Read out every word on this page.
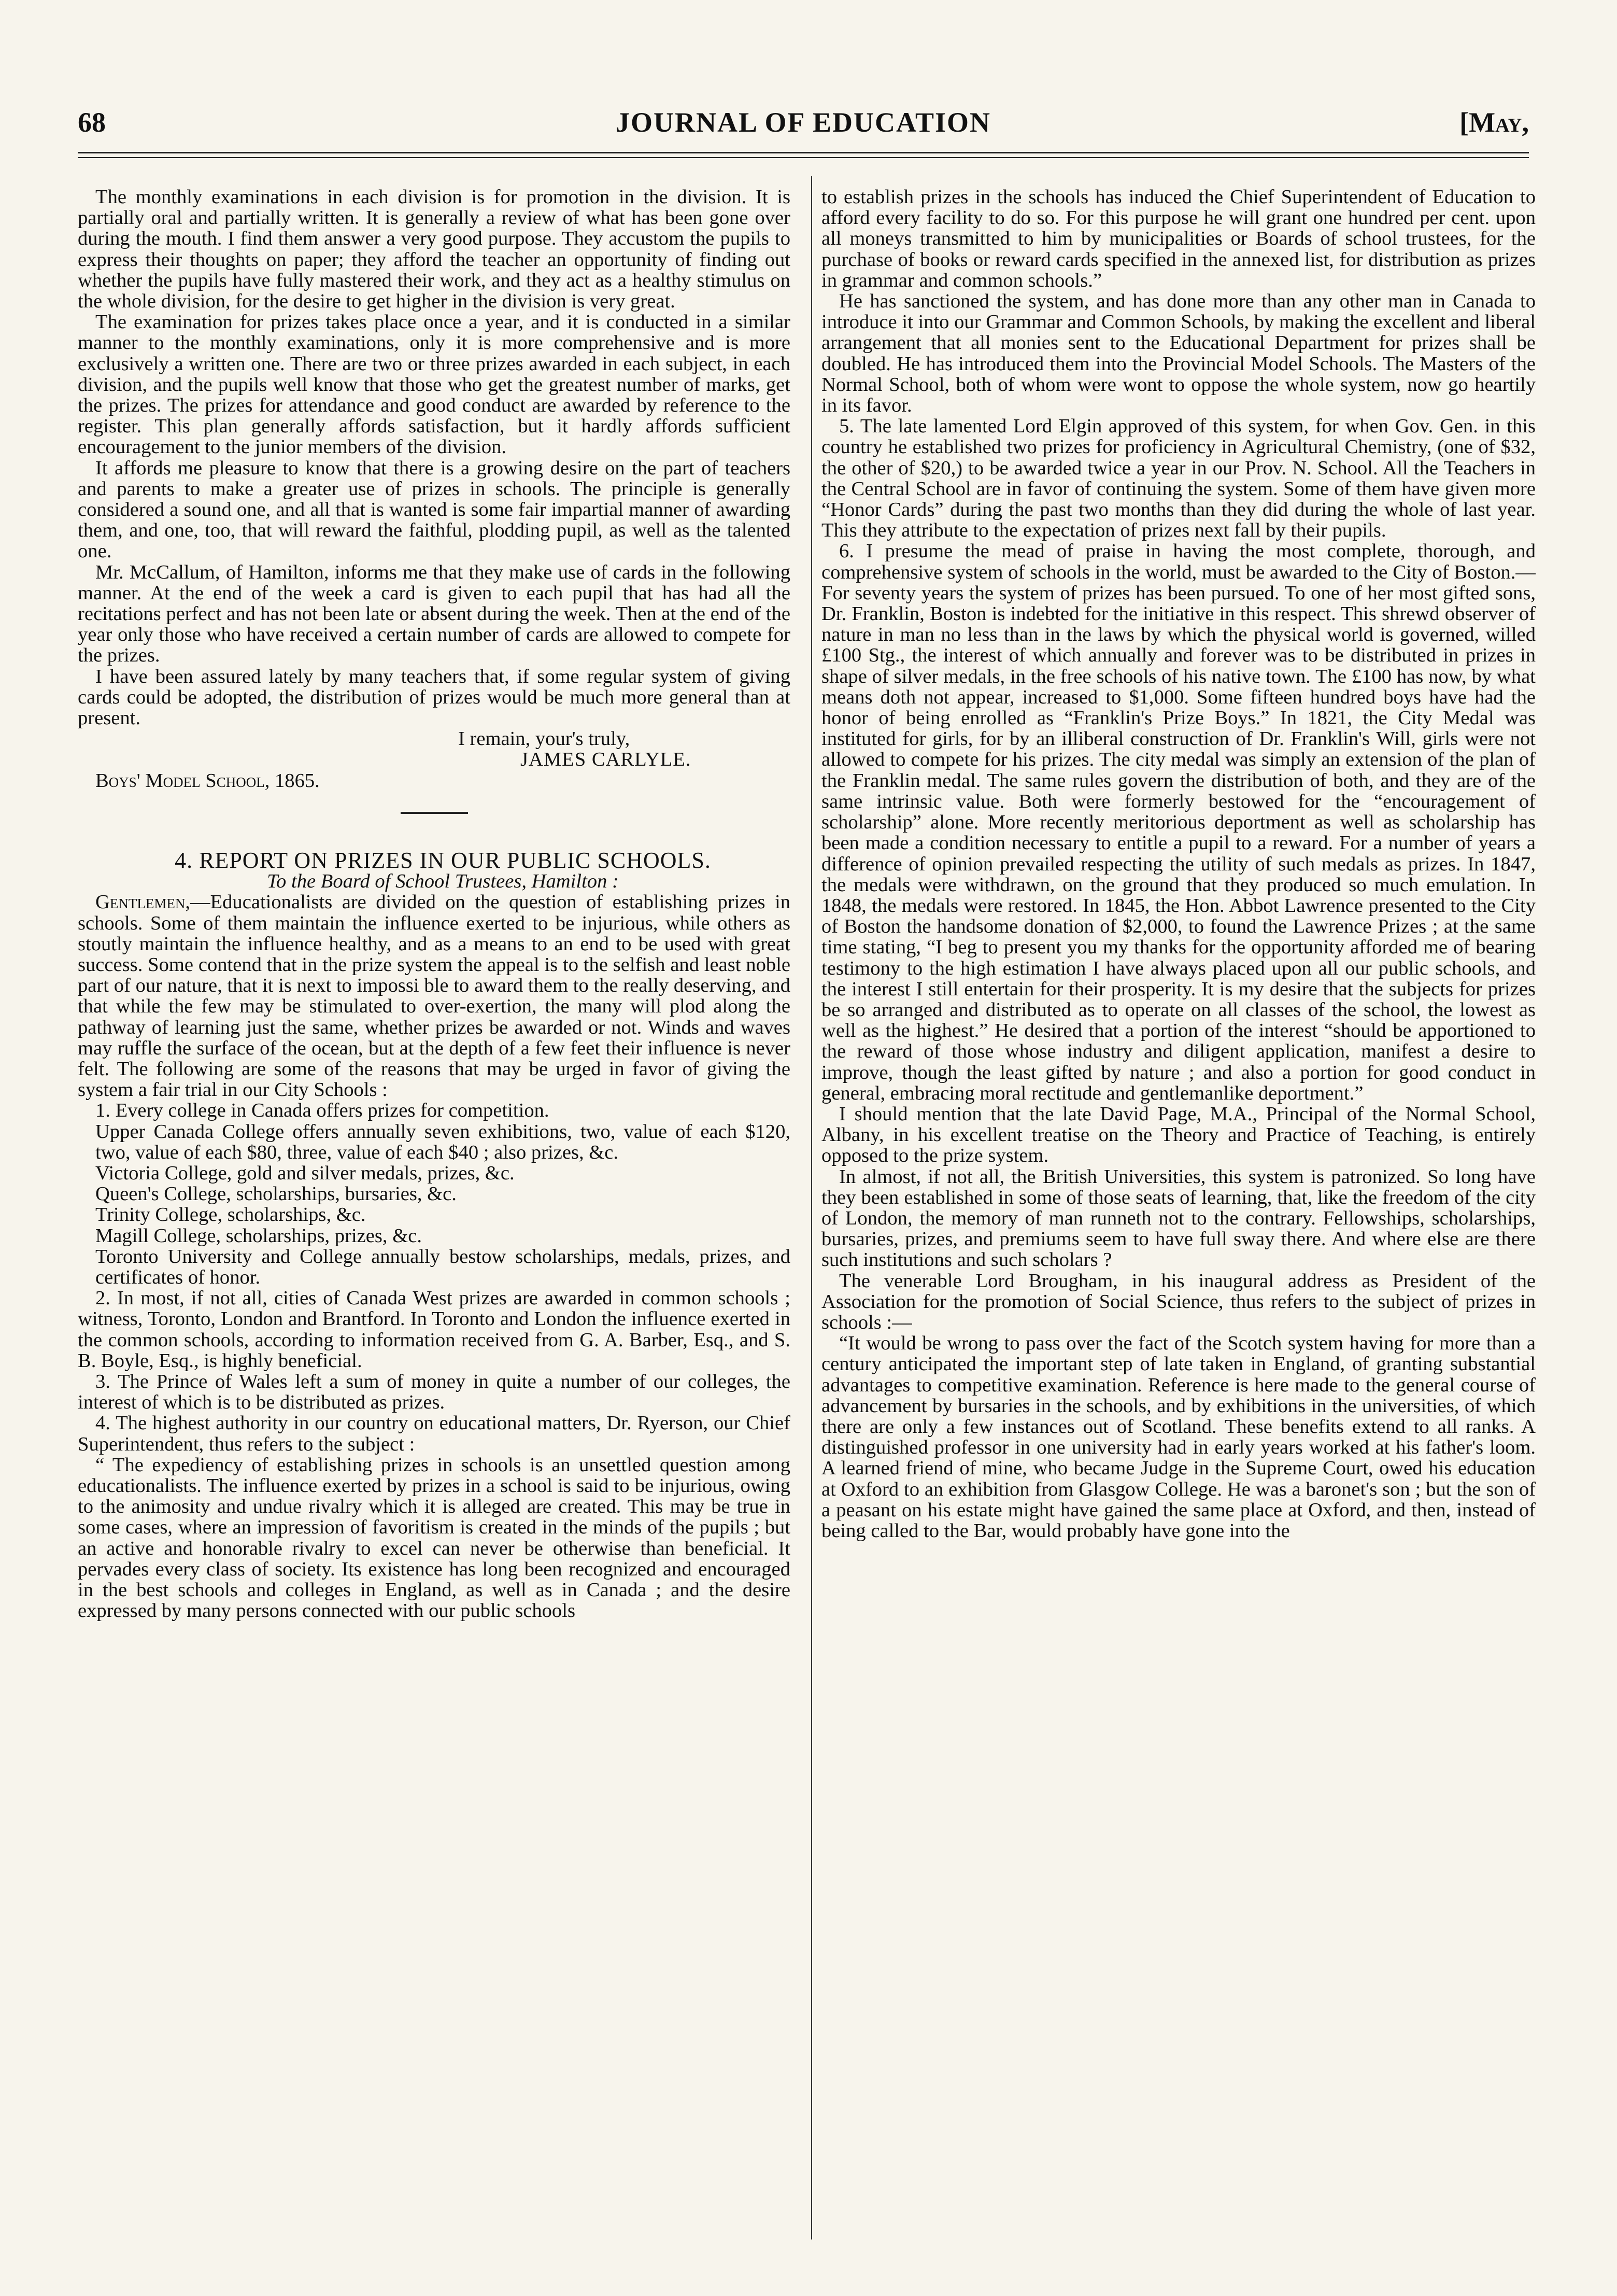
68	JOURNAL OF EDUCATION	[May,

The monthly examinations in each division is for promotion in the division. It is partially oral and partially written. It is generally a review of what has been gone over during the mouth. I find them answer a very good purpose. They accustom the pupils to express their thoughts on paper; they afford the teacher an opportunity of finding out whether the pupils have fully mastered their work, and they act as a healthy stimulus on the whole division, for the desire to get higher in the division is very great.

The examination for prizes takes place once a year, and it is conducted in a similar manner to the monthly examinations, only it is more comprehensive and is more exclusively a written one. There are two or three prizes awarded in each subject, in each division, and the pupils well know that those who get the greatest number of marks, get the prizes. The prizes for attendance and good conduct are awarded by reference to the register. This plan generally affords satisfaction, but it hardly affords sufficient encouragement to the junior members of the division.

It affords me pleasure to know that there is a growing desire on the part of teachers and parents to make a greater use of prizes in schools. The principle is generally considered a sound one, and all that is wanted is some fair impartial manner of awarding them, and one, too, that will reward the faithful, plodding pupil, as well as the talented one.

Mr. McCallum, of Hamilton, informs me that they make use of cards in the following manner. At the end of the week a card is given to each pupil that has had all the recitations perfect and has not been late or absent during the week. Then at the end of the year only those who have received a certain number of cards are allowed to compete for the prizes.

I have been assured lately by many teachers that, if some regular system of giving cards could be adopted, the distribution of prizes would be much more general than at present.

I remain, your's truly,

JAMES CARLYLE.

Boys' Model School, 1865.

4. REPORT ON PRIZES IN OUR PUBLIC SCHOOLS.

To the Board of School Trustees, Hamilton :

Gentlemen,—Educationalists are divided on the question of establishing prizes in schools. Some of them maintain the influence exerted to be injurious, while others as stoutly maintain the influence healthy, and as a means to an end to be used with great success. Some contend that in the prize system the appeal is to the selfish and least noble part of our nature, that it is next to impossi ble to award them to the really deserving, and that while the few may be stimulated to over-exertion, the many will plod along the pathway of learning just the same, whether prizes be awarded or not. Winds and waves may ruffle the surface of the ocean, but at the depth of a few feet their influence is never felt. The following are some of the reasons that may be urged in favor of giving the system a fair trial in our City Schools :

1. Every college in Canada offers prizes for competition.

Upper Canada College offers annually seven exhibitions, two, value of each $120, two, value of each $80, three, value of each $40 ; also prizes, &c.

Victoria College, gold and silver medals, prizes, &c.

Queen's College, scholarships, bursaries, &c.

Trinity College, scholarships, &c.

Magill College, scholarships, prizes, &c.

Toronto University and College annually bestow scholarships, medals, prizes, and certificates of honor.

2. In most, if not all, cities of Canada West prizes are awarded in common schools ; witness, Toronto, London and Brantford. In Toronto and London the influence exerted in the common schools, according to information received from G. A. Barber, Esq., and S. B. Boyle, Esq., is highly beneficial.

3. The Prince of Wales left a sum of money in quite a number of our colleges, the interest of which is to be distributed as prizes.

4. The highest authority in our country on educational matters, Dr. Ryerson, our Chief Superintendent, thus refers to the subject :

“ The expediency of establishing prizes in schools is an unsettled question among educationalists. The influence exerted by prizes in a school is said to be injurious, owing to the animosity and undue rivalry which it is alleged are created. This may be true in some cases, where an impression of favoritism is created in the minds of the pupils ; but an active and honorable rivalry to excel can never be otherwise than beneficial. It pervades every class of society. Its existence has long been recognized and encouraged in the best schools and colleges in England, as well as in Canada ; and the desire expressed by many persons connected with our public schools

to establish prizes in the schools has induced the Chief Superintendent of Education to afford every facility to do so. For this purpose he will grant one hundred per cent. upon all moneys transmitted to him by municipalities or Boards of school trustees, for the purchase of books or reward cards specified in the annexed list, for distribution as prizes in grammar and common schools.”

He has sanctioned the system, and has done more than any other man in Canada to introduce it into our Grammar and Common Schools, by making the excellent and liberal arrangement that all monies sent to the Educational Department for prizes shall be doubled. He has introduced them into the Provincial Model Schools. The Masters of the Normal School, both of whom were wont to oppose the whole system, now go heartily in its favor.

5. The late lamented Lord Elgin approved of this system, for when Gov. Gen. in this country he established two prizes for proficiency in Agricultural Chemistry, (one of $32, the other of $20,) to be awarded twice a year in our Prov. N. School. All the Teachers in the Central School are in favor of continuing the system. Some of them have given more “Honor Cards” during the past two months than they did during the whole of last year. This they attribute to the expectation of prizes next fall by their pupils.

6. I presume the mead of praise in having the most complete, thorough, and comprehensive system of schools in the world, must be awarded to the City of Boston.—For seventy years the system of prizes has been pursued. To one of her most gifted sons, Dr. Franklin, Boston is indebted for the initiative in this respect. This shrewd observer of nature in man no less than in the laws by which the physical world is governed, willed £100 Stg., the interest of which annually and forever was to be distributed in prizes in shape of silver medals, in the free schools of his native town. The £100 has now, by what means doth not appear, increased to $1,000. Some fifteen hundred boys have had the honor of being enrolled as “Franklin's Prize Boys.” In 1821, the City Medal was instituted for girls, for by an illiberal construction of Dr. Franklin's Will, girls were not allowed to compete for his prizes. The city medal was simply an extension of the plan of the Franklin medal. The same rules govern the distribution of both, and they are of the same intrinsic value. Both were formerly bestowed for the “encouragement of scholarship” alone. More recently meritorious deportment as well as scholarship has been made a condition necessary to entitle a pupil to a reward. For a number of years a difference of opinion prevailed respecting the utility of such medals as prizes. In 1847, the medals were withdrawn, on the ground that they produced so much emulation. In 1848, the medals were restored. In 1845, the Hon. Abbot Lawrence presented to the City of Boston the handsome donation of $2,000, to found the Lawrence Prizes ; at the same time stating, “I beg to present you my thanks for the opportunity afforded me of bearing testimony to the high estimation I have always placed upon all our public schools, and the interest I still entertain for their prosperity. It is my desire that the subjects for prizes be so arranged and distributed as to operate on all classes of the school, the lowest as well as the highest.” He desired that a portion of the interest “should be apportioned to the reward of those whose industry and diligent application, manifest a desire to improve, though the least gifted by nature ; and also a portion for good conduct in general, embracing moral rectitude and gentlemanlike deportment.”

I should mention that the late David Page, M.A., Principal of the Normal School, Albany, in his excellent treatise on the Theory and Practice of Teaching, is entirely opposed to the prize system.

In almost, if not all, the British Universities, this system is patronized. So long have they been established in some of those seats of learning, that, like the freedom of the city of London, the memory of man runneth not to the contrary. Fellowships, scholarships, bursaries, prizes, and premiums seem to have full sway there. And where else are there such institutions and such scholars ?

The venerable Lord Brougham, in his inaugural address as President of the Association for the promotion of Social Science, thus refers to the subject of prizes in schools :—

“It would be wrong to pass over the fact of the Scotch system having for more than a century anticipated the important step of late taken in England, of granting substantial advantages to competitive examination. Reference is here made to the general course of advancement by bursaries in the schools, and by exhibitions in the universities, of which there are only a few instances out of Scotland. These benefits extend to all ranks. A distinguished professor in one university had in early years worked at his father's loom. A learned friend of mine, who became Judge in the Supreme Court, owed his education at Oxford to an exhibition from Glasgow College. He was a baronet's son ; but the son of a peasant on his estate might have gained the same place at Oxford, and then, instead of being called to the Bar, would probably have gone into the
